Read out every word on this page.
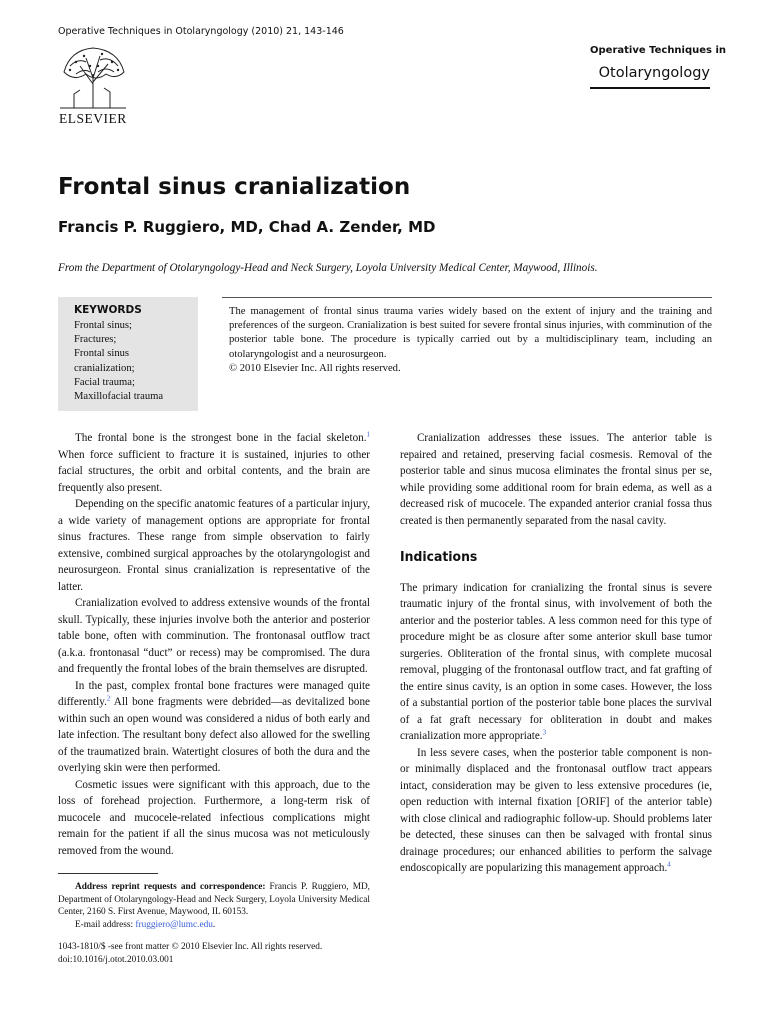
Operative Techniques in Otolaryngology (2010) 21, 143-146
ELSEVIER
Operative Techniques in
Otolaryngology
Frontal sinus cranialization
Francis P. Ruggiero, MD, Chad A. Zender, MD
From the Department of Otolaryngology-Head and Neck Surgery, Loyola University Medical Center, Maywood, Illinois.
KEYWORDS
Frontal sinus;
Fractures;
Frontal sinus
cranialization;
Facial trauma;
Maxillofacial trauma
The management of frontal sinus trauma varies widely based on the extent of injury and the training and preferences of the surgeon. Cranialization is best suited for severe frontal sinus injuries, with comminution of the posterior table bone. The procedure is typically carried out by a multidisciplinary team, including an otolaryngologist and a neurosurgeon.
© 2010 Elsevier Inc. All rights reserved.

The frontal bone is the strongest bone in the facial skeleton.$^1$ When force sufficient to fracture it is sustained, injuries to other facial structures, the orbit and orbital contents, and the brain are frequently also present.

Depending on the specific anatomic features of a particular injury, a wide variety of management options are appropriate for frontal sinus fractures. These range from simple observation to fairly extensive, combined surgical approaches by the otolaryngologist and neurosurgeon. Frontal sinus cranialization is representative of the latter.

Cranialization evolved to address extensive wounds of the frontal skull. Typically, these injuries involve both the anterior and posterior table bone, often with comminution. The frontonasal outflow tract (a.k.a. frontonasal “duct” or recess) may be compromised. The dura and frequently the frontal lobes of the brain themselves are disrupted.

In the past, complex frontal bone fractures were managed quite differently.$^2$ All bone fragments were debrided—as devitalized bone within such an open wound was considered a nidus of both early and late infection. The resultant bony defect also allowed for the swelling of the traumatized brain. Watertight closures of both the dura and the overlying skin were then performed.

Cosmetic issues were significant with this approach, due to the loss of forehead projection. Furthermore, a long-term risk of mucocele and mucocele-related infectious complications might remain for the patient if all the sinus mucosa was not meticulously removed from the wound.

Cranialization addresses these issues. The anterior table is repaired and retained, preserving facial cosmesis. Removal of the posterior table and sinus mucosa eliminates the frontal sinus per se, while providing some additional room for brain edema, as well as a decreased risk of mucocele. The expanded anterior cranial fossa thus created is then permanently separated from the nasal cavity.

Indications

The primary indication for cranializing the frontal sinus is severe traumatic injury of the frontal sinus, with involvement of both the anterior and the posterior tables. A less common need for this type of procedure might be as closure after some anterior skull base tumor surgeries. Obliteration of the frontal sinus, with complete mucosal removal, plugging of the frontonasal outflow tract, and fat grafting of the entire sinus cavity, is an option in some cases. However, the loss of a substantial portion of the posterior table bone places the survival of a fat graft necessary for obliteration in doubt and makes cranialization more appropriate.$^3$

In less severe cases, when the posterior table component is non- or minimally displaced and the frontonasal outflow tract appears intact, consideration may be given to less extensive procedures (ie, open reduction with internal fixation [ORIF] of the anterior table) with close clinical and radiographic follow-up. Should problems later be detected, these sinuses can then be salvaged with frontal sinus drainage procedures; our enhanced abilities to perform the salvage endoscopically are popularizing this management approach.$^4$

Address reprint requests and correspondence: Francis P. Ruggiero, MD, Department of Otolaryngology-Head and Neck Surgery, Loyola University Medical Center, 2160 S. First Avenue, Maywood, IL 60153.

E-mail address: fruggiero@lumc.edu.

1043-1810/$ -see front matter © 2010 Elsevier Inc. All rights reserved.
doi:10.1016/j.otot.2010.03.001
